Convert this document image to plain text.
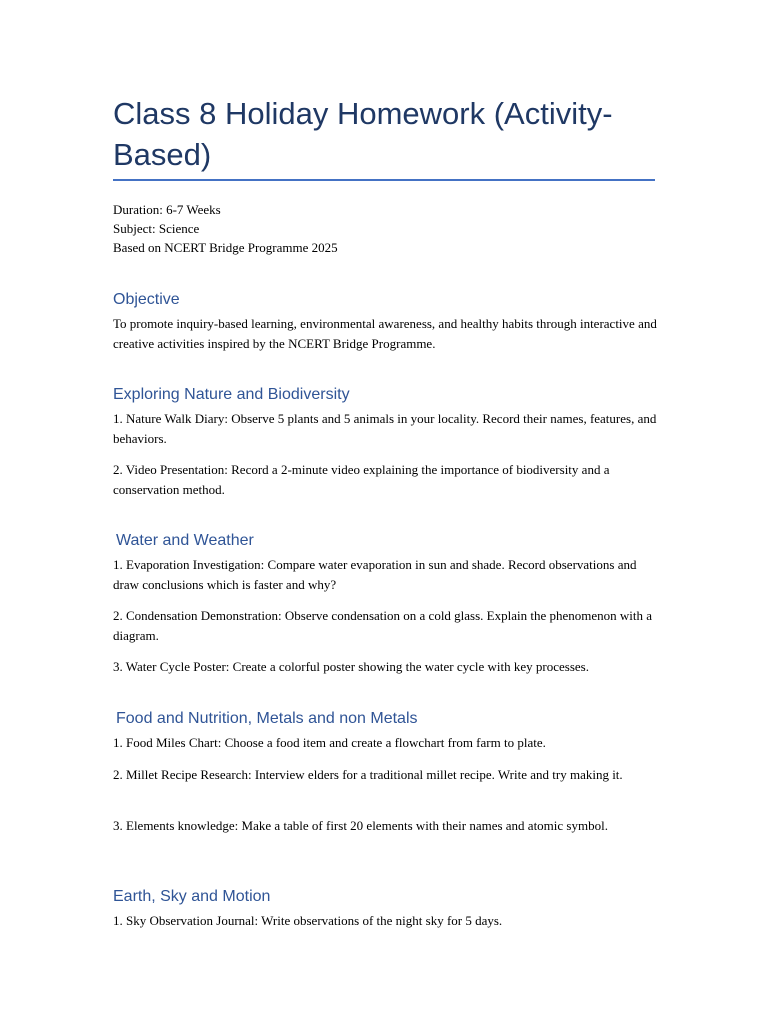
Class 8 Holiday Homework (Activity-Based)
Duration: 6-7 Weeks
Subject: Science
Based on NCERT Bridge Programme 2025
Objective

To promote inquiry-based learning, environmental awareness, and healthy habits through interactive and creative activities inspired by the NCERT Bridge Programme.

Exploring Nature and Biodiversity

1. Nature Walk Diary: Observe 5 plants and 5 animals in your locality. Record their names, features, and behaviors.

2. Video Presentation: Record a 2-minute video explaining the importance of biodiversity and a conservation method.

Water and Weather

1. Evaporation Investigation: Compare water evaporation in sun and shade. Record observations and draw conclusions which is faster and why?

2. Condensation Demonstration: Observe condensation on a cold glass. Explain the phenomenon with a diagram.

3. Water Cycle Poster: Create a colorful poster showing the water cycle with key processes.

Food and Nutrition, Metals and non Metals

1. Food Miles Chart: Choose a food item and create a flowchart from farm to plate.

2. Millet Recipe Research: Interview elders for a traditional millet recipe. Write and try making it.

3. Elements knowledge: Make a table of first 20 elements with their names and atomic symbol.

Earth, Sky and Motion

1. Sky Observation Journal: Write observations of the night sky for 5 days.
